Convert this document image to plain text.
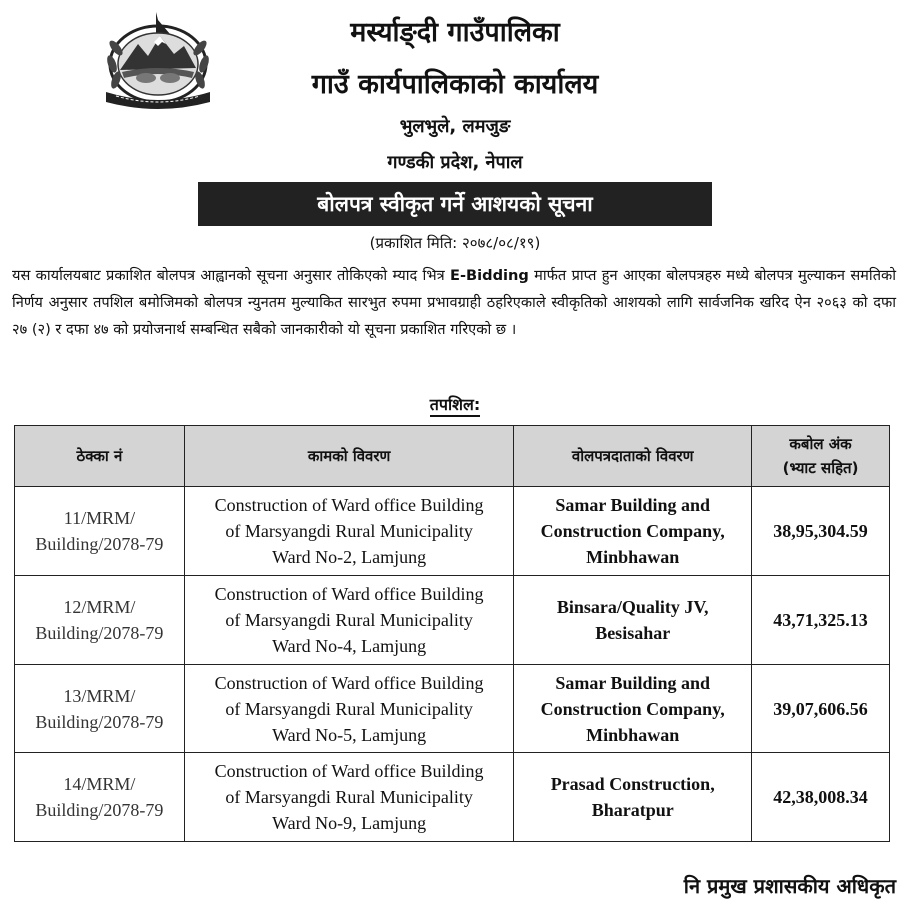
मर्स्याङ्दी गाउँपालिका
गाउँ कार्यपालिकाको कार्यालय
भुलभुले, लमजुङ
गण्डकी प्रदेश, नेपाल
बोलपत्र स्वीकृत गर्ने आशयको सूचना
(प्रकाशित मिति: २०७८/०८/१९)

यस कार्यालयबाट प्रकाशित बोलपत्र आह्वानको सूचना अनुसार तोकिएको म्याद भित्र E-Bidding मार्फत प्राप्त हुन आएका बोलपत्रहरु मध्ये बोलपत्र मुल्याकन समतिको निर्णय अनुसार तपशिल बमोजिमको बोलपत्र न्युनतम मुल्याकित सारभुत रुपमा प्रभावग्राही ठहरिएकाले स्वीकृतिको आशयको लागि सार्वजनिक खरिद ऐन २०६३ को दफा २७ (२) र दफा ४७ को प्रयोजनार्थ सम्बन्धित सबैको जानकारीको यो सूचना प्रकाशित गरिएको छ ।

तपशिल:
ठेक्का नं	कामको विवरण	वोलपत्रदाताको विवरण	कबोल अंक
(भ्याट सहित)
11/MRM/
Building/2078-79	Construction of Ward office Building
of Marsyangdi Rural Municipality
Ward No-2, Lamjung	Samar Building and
Construction Company,
Minbhawan	38,95,304.59
12/MRM/
Building/2078-79	Construction of Ward office Building
of Marsyangdi Rural Municipality
Ward No-4, Lamjung	Binsara/Quality JV,
Besisahar	43,71,325.13
13/MRM/
Building/2078-79	Construction of Ward office Building
of Marsyangdi Rural Municipality
Ward No-5, Lamjung	Samar Building and
Construction Company,
Minbhawan	39,07,606.56
14/MRM/
Building/2078-79	Construction of Ward office Building
of Marsyangdi Rural Municipality
Ward No-9, Lamjung	Prasad Construction,
Bharatpur	42,38,008.34
नि प्रमुख प्रशासकीय अधिकृत
